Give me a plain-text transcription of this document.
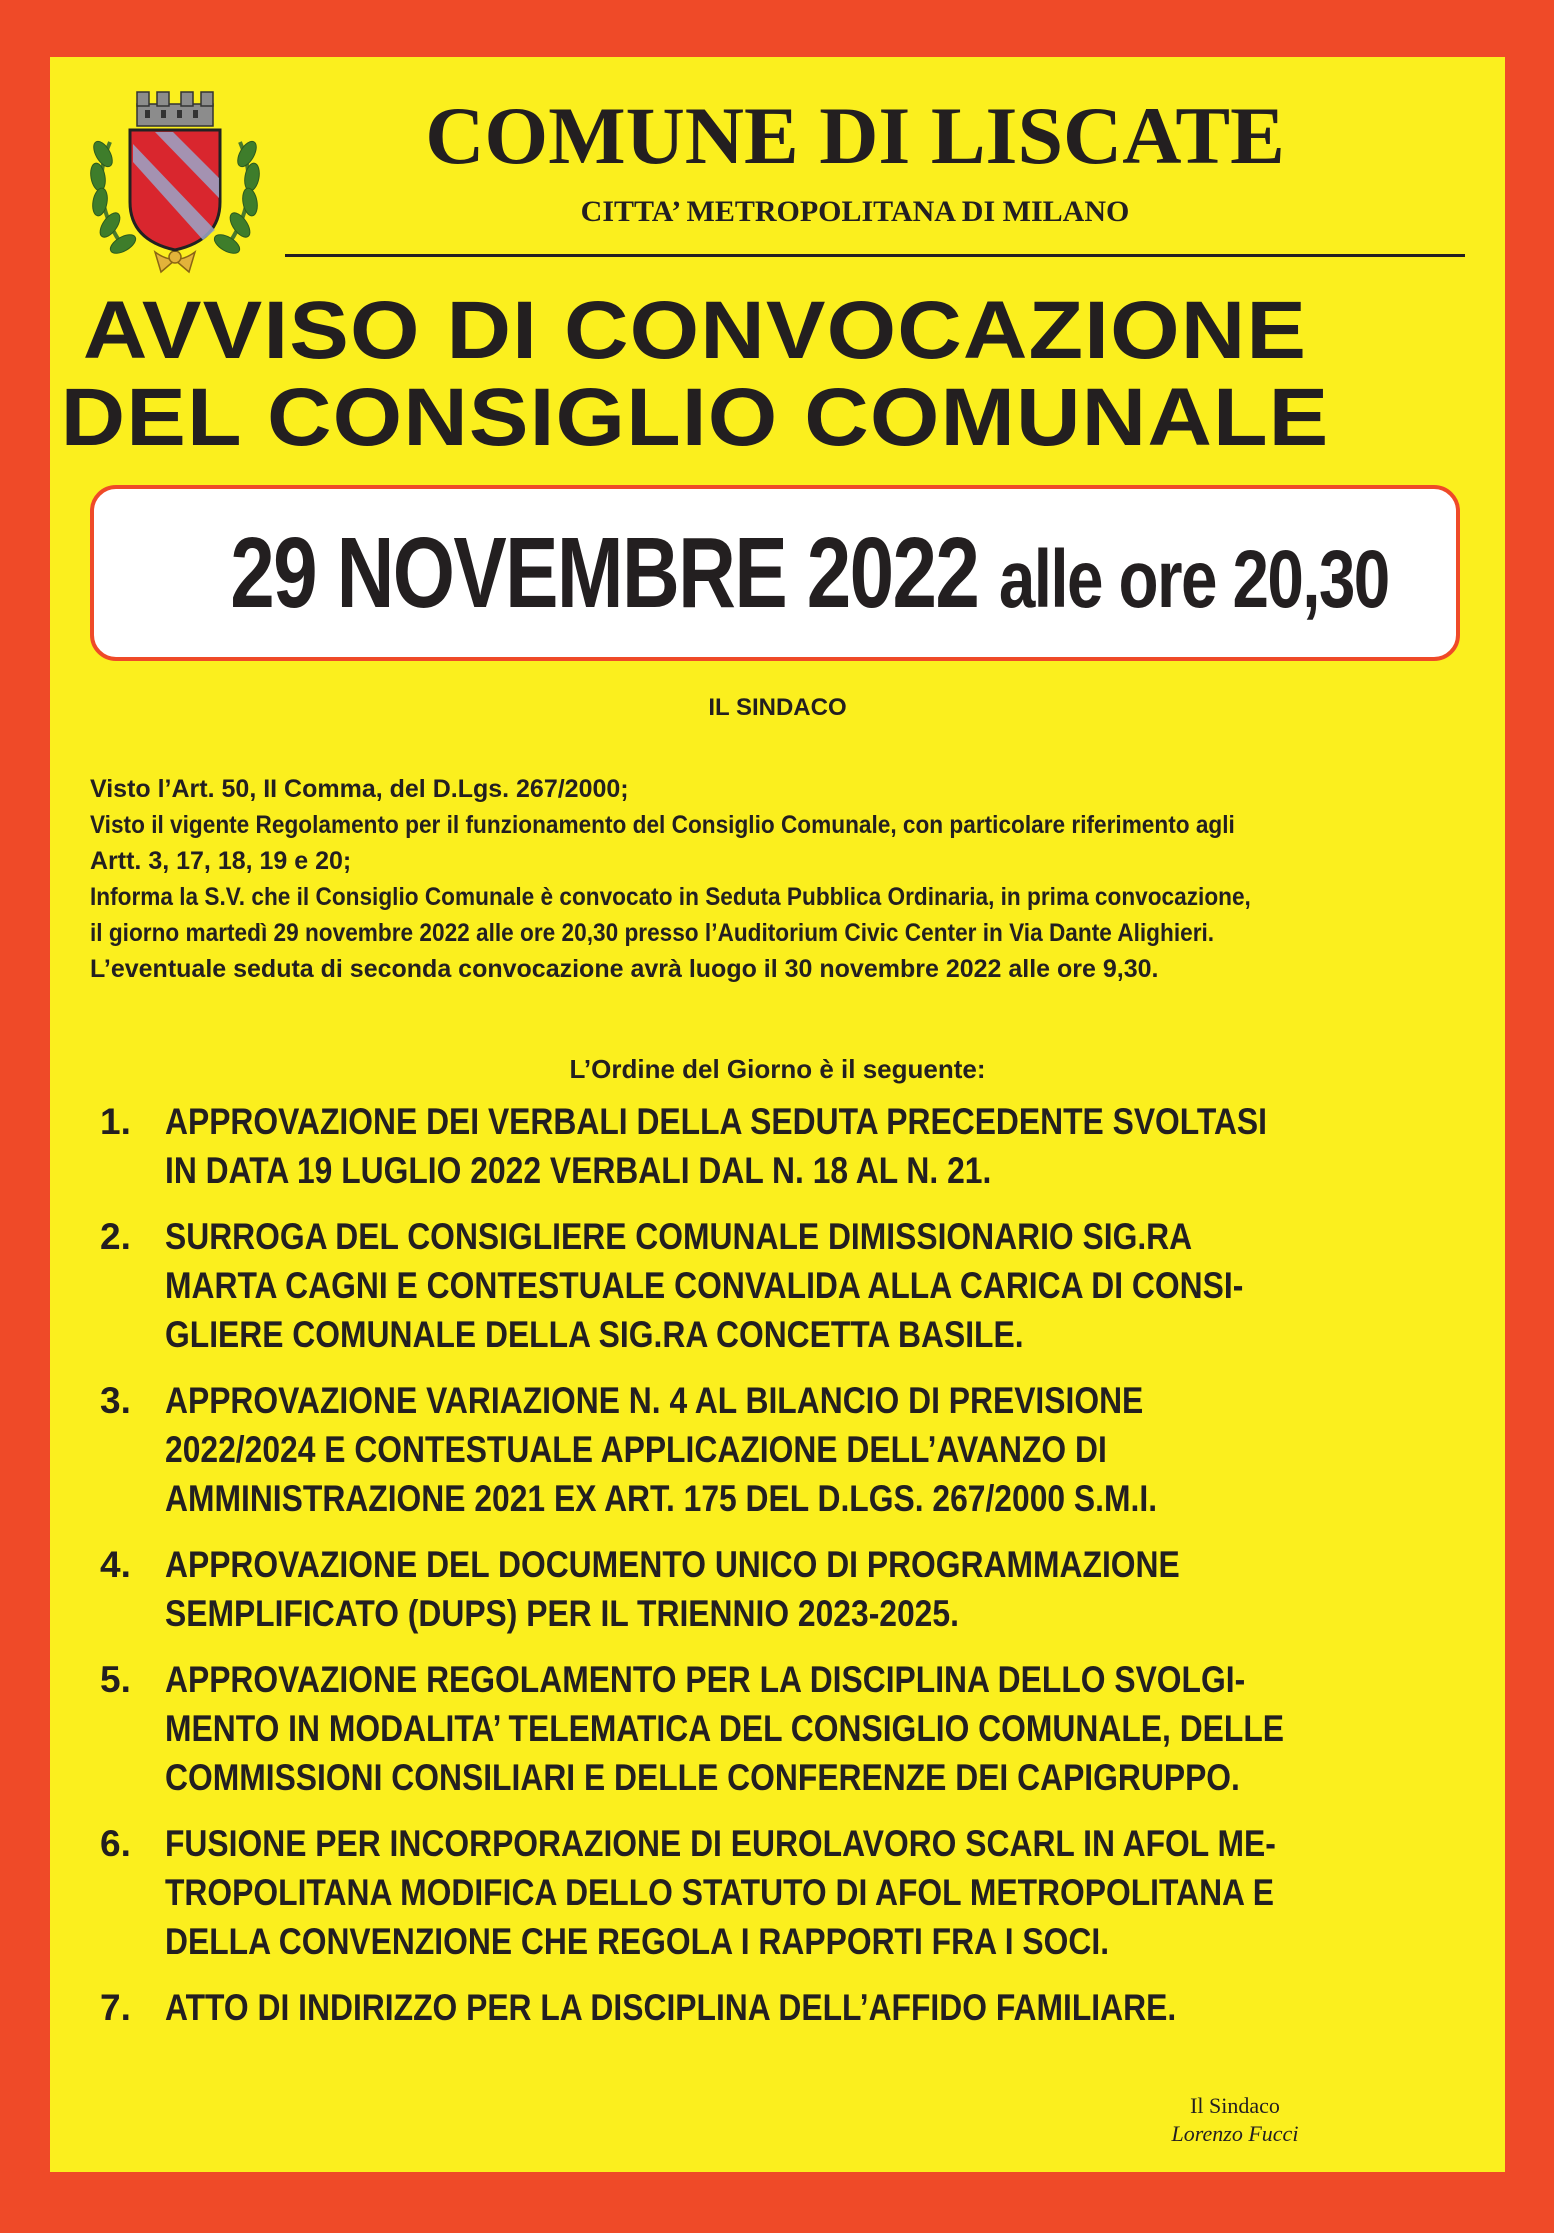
COMUNE DI LISCATE
CITTA’ METROPOLITANA DI MILANO
AVVISO DI CONVOCAZIONE
DEL CONSIGLIO COMUNALE
29 NOVEMBRE 2022 alle ore 20,30
IL SINDACO

Visto l’Art. 50, II Comma, del D.Lgs. 267/2000;

Visto il vigente Regolamento per il funzionamento del Consiglio Comunale, con particolare riferimento agli

Artt. 3, 17, 18, 19 e 20;

Informa la S.V. che il Consiglio Comunale è convocato in Seduta Pubblica Ordinaria, in prima convocazione,

il giorno martedì 29 novembre 2022 alle ore 20,30 presso l’Auditorium Civic Center in Via Dante Alighieri.

L’eventuale seduta di seconda convocazione avrà luogo il 30 novembre 2022 alle ore 9,30.

L’Ordine del Giorno è il seguente:
1. APPROVAZIONE DEI VERBALI DELLA SEDUTA PRECEDENTE SVOLTASI
IN DATA 19 LUGLIO 2022 VERBALI DAL N. 18 AL N. 21.
2. SURROGA DEL CONSIGLIERE COMUNALE DIMISSIONARIO SIG.RA
MARTA CAGNI E CONTESTUALE CONVALIDA ALLA CARICA DI CONSI-
GLIERE COMUNALE DELLA SIG.RA CONCETTA BASILE.
3. APPROVAZIONE VARIAZIONE N. 4 AL BILANCIO DI PREVISIONE
2022/2024 E CONTESTUALE APPLICAZIONE DELL’AVANZO DI
AMMINISTRAZIONE 2021 EX ART. 175 DEL D.LGS. 267/2000 S.M.I.
4. APPROVAZIONE DEL DOCUMENTO UNICO DI PROGRAMMAZIONE
SEMPLIFICATO (DUPS) PER IL TRIENNIO 2023-2025.
5. APPROVAZIONE REGOLAMENTO PER LA DISCIPLINA DELLO SVOLGI-
MENTO IN MODALITA’ TELEMATICA DEL CONSIGLIO COMUNALE, DELLE
COMMISSIONI CONSILIARI E DELLE CONFERENZE DEI CAPIGRUPPO.
6. FUSIONE PER INCORPORAZIONE DI EUROLAVORO SCARL IN AFOL ME-
TROPOLITANA MODIFICA DELLO STATUTO DI AFOL METROPOLITANA E
DELLA CONVENZIONE CHE REGOLA I RAPPORTI FRA I SOCI.
7. ATTO DI INDIRIZZO PER LA DISCIPLINA DELL’AFFIDO FAMILIARE.
Il Sindaco
Lorenzo Fucci
